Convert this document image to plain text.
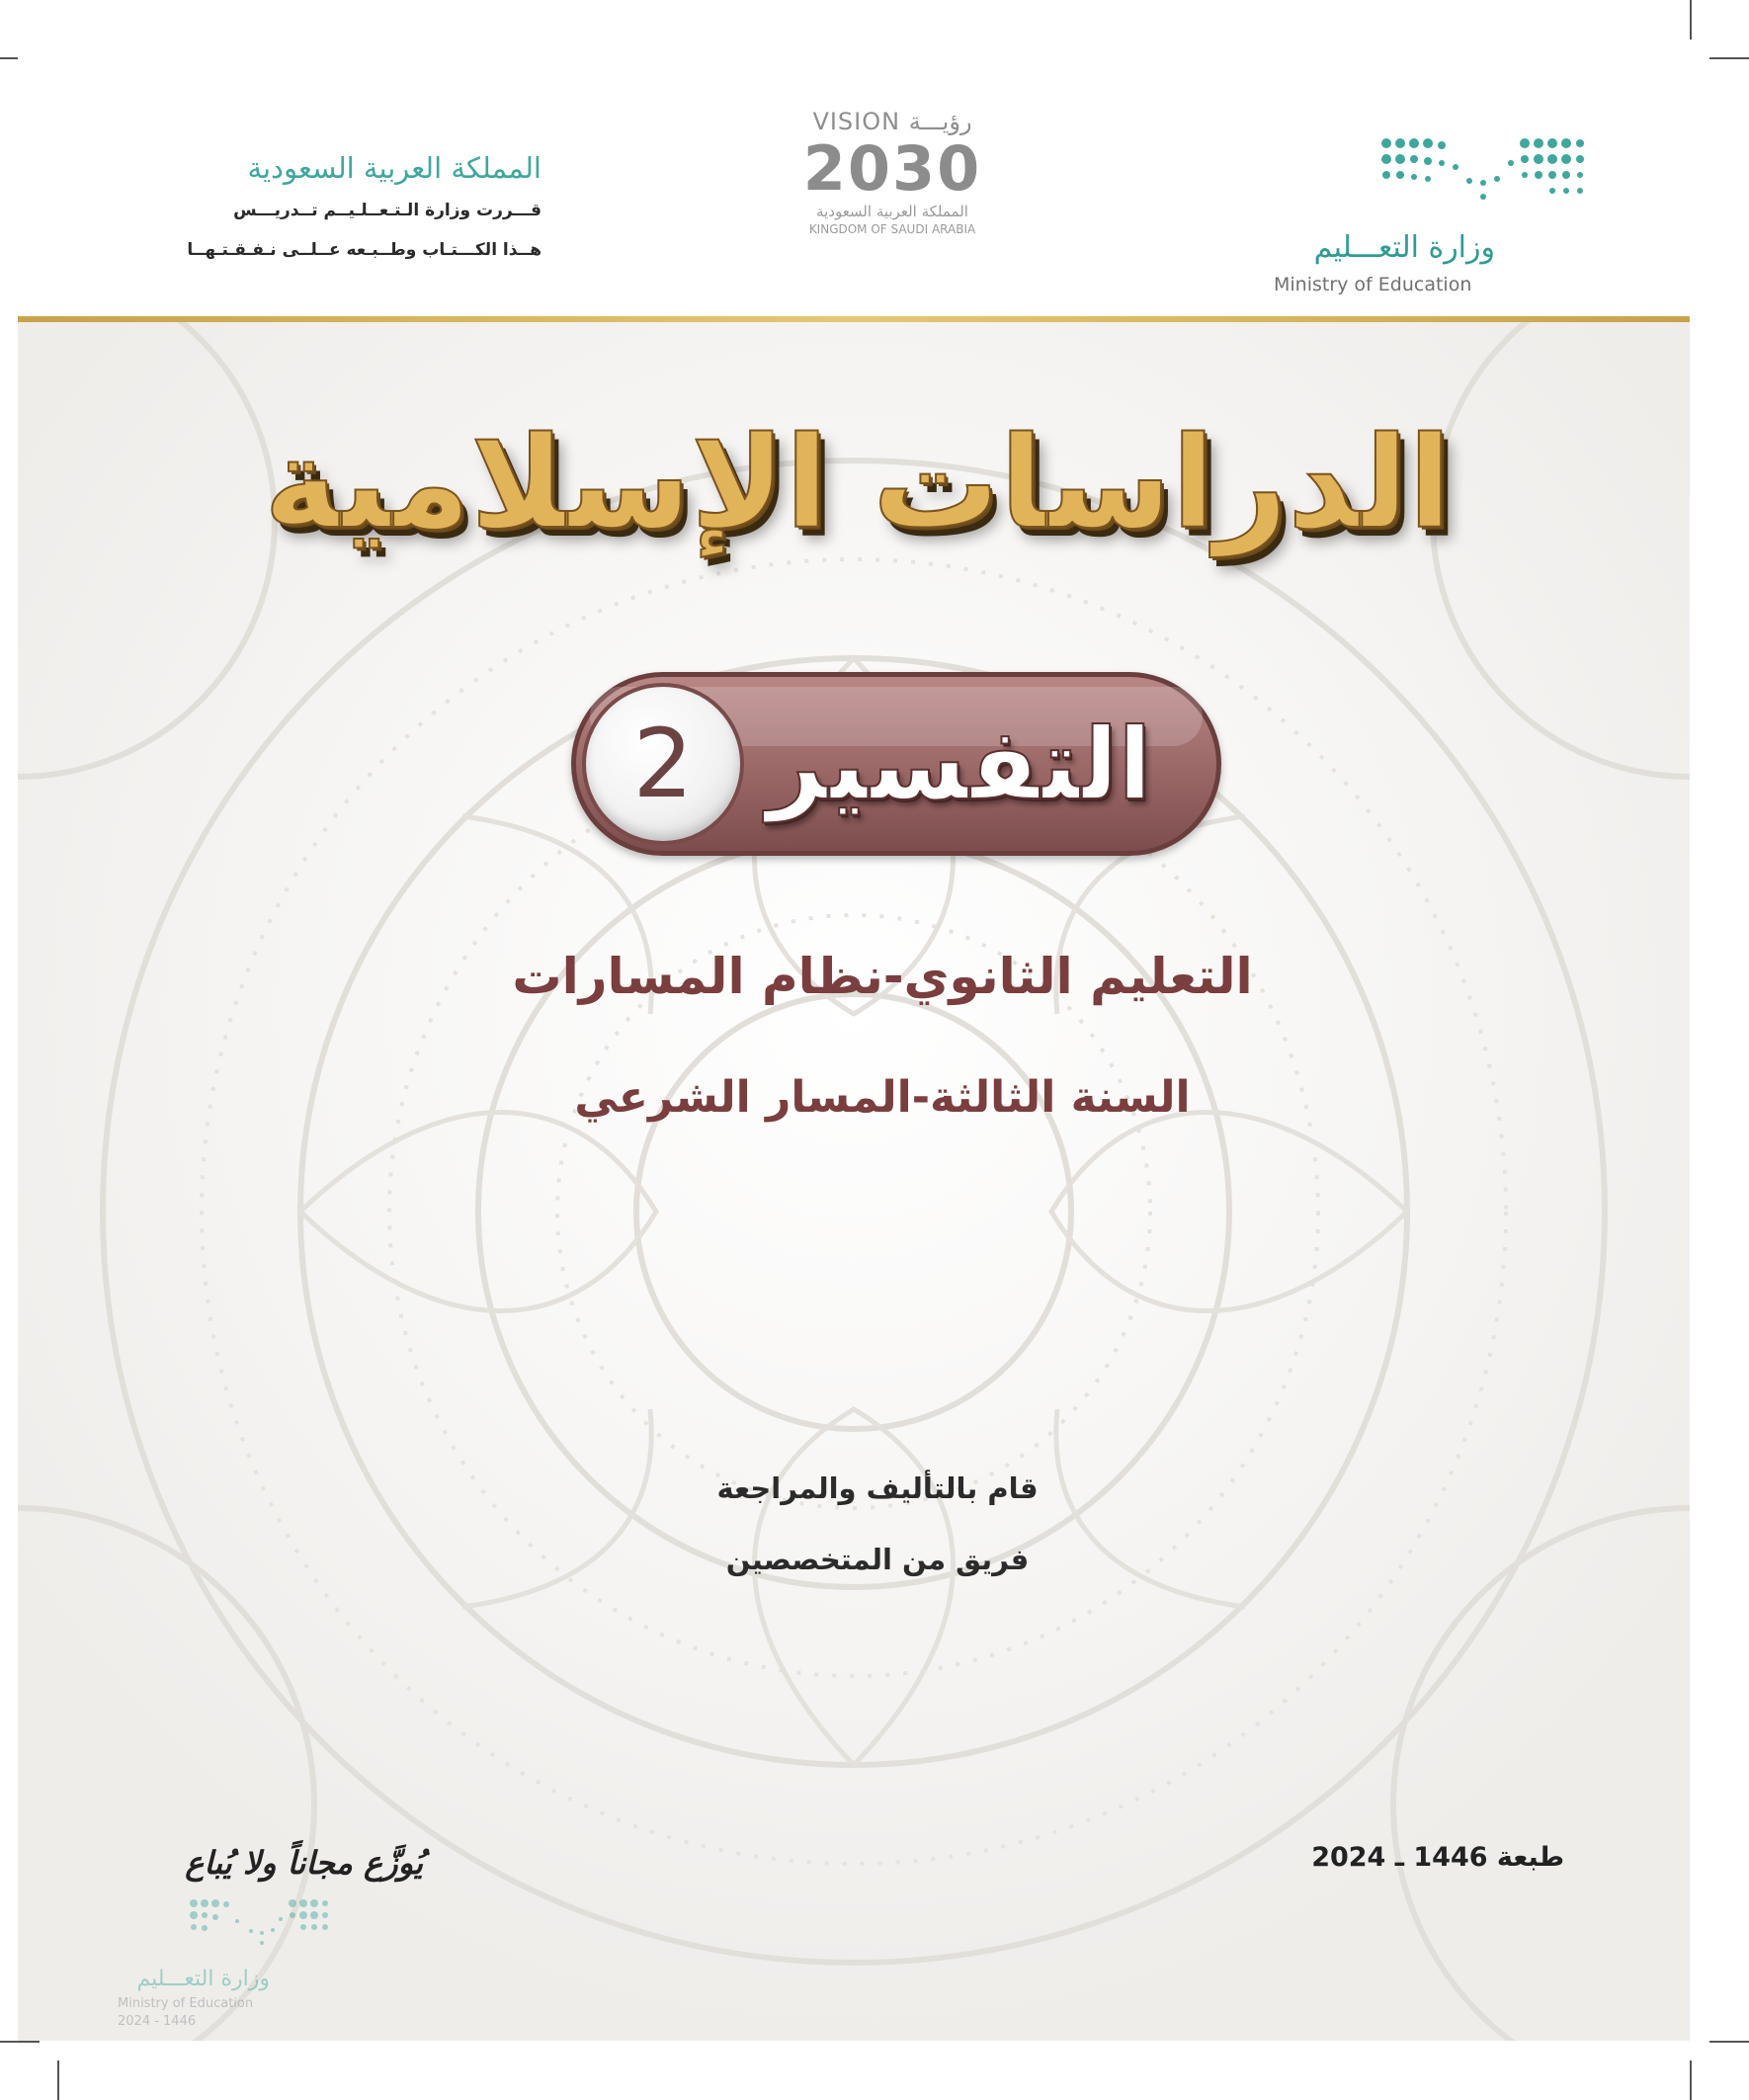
المملكة العربية السعودية
قـــررت وزارة الـتـعــلـيــم تــدريـــس
هــذا الكـــتـاب وطــبـعه عــلــى نـفـقـتـهــا
VISION رؤيـــة
2030
المملكة العربية السعودية
KINGDOM OF SAUDI ARABIA
وزارة التعـــليم
Ministry of Education
الدراسات الإسلامية
التفسير
2
التعليم الثانوي-نظام المسارات
السنة الثالثة-المسار الشرعي
قام بالتأليف والمراجعة
فريق من المتخصصين
طبعة 1446 ـ 2024
يُوزَّع مجاناً ولا يُباع
وزارة التعـــليم
Ministry of Education
2024 - 1446
